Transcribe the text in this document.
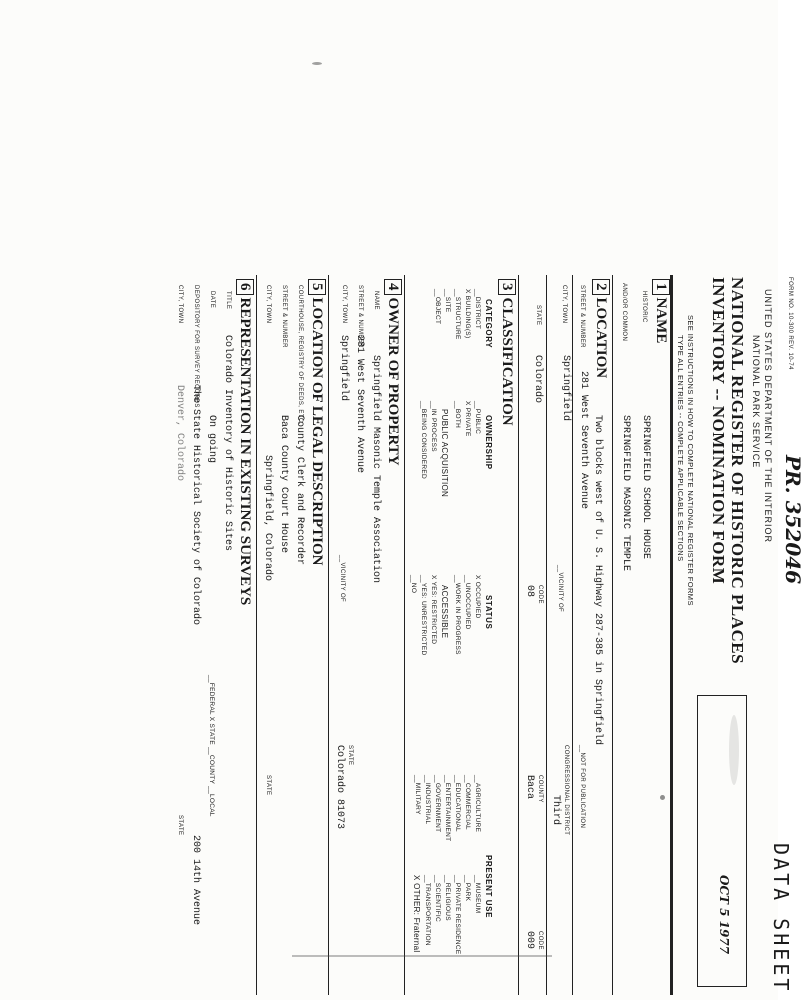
FORM NO. 10-300 REV. 10-74
PR. 352046
UNITED STATES DEPARTMENT OF THE INTERIOR
NATIONAL PARK SERVICE
NATIONAL REGISTER OF HISTORIC PLACES
INVENTORY -- NOMINATION FORM
DATA SHEET
OCT 5 1977
SEE INSTRUCTIONS IN HOW TO COMPLETE NATIONAL REGISTER FORMS
TYPE ALL ENTRIES -- COMPLETE APPLICABLE SECTIONS
1NAME
HISTORIC
SPRINGFIELD SCHOOL HOUSE
AND/OR COMMON
SPRINGFIELD MASONIC TEMPLE
2LOCATION
Two blocks west of U. S. Highway 287-385 in Springfield
STREET & NUMBER
281 West Seventh Avenue
__NOT FOR PUBLICATION
CITY, TOWN
Springfield
__VICINITY OF
CONGRESSIONAL DISTRICT
Third
STATE
Colorado
CODE
08
COUNTY
Baca
CODE
009
3CLASSIFICATION
CATEGORY
OWNERSHIP
STATUS
PRESENT USE
__DISTRICT
X BUILDING(S)
__STRUCTURE
__SITE
__OBJECT
__PUBLIC
X PRIVATE
__BOTH
PUBLIC ACQUISITION
__IN PROCESS
__BEING CONSIDERED
X OCCUPIED
__UNOCCUPIED
__WORK IN PROGRESS
ACCESSIBLE
X YES: RESTRICTED
__YES: UNRESTRICTED
__NO
__AGRICULTURE
__COMMERCIAL
__EDUCATIONAL
__ENTERTAINMENT
__GOVERNMENT
__INDUSTRIAL
__MILITARY
__MUSEUM
__PARK
__PRIVATE RESIDENCE
__RELIGIOUS
__SCIENTIFIC
__TRANSPORTATION
X OTHER: Fraternal
4OWNER OF PROPERTY
NAME
Springfield Masonic Temple Association
STREET & NUMBER
281 West Seventh Avenue
CITY, TOWN
Springfield
__VICINITY OF
STATE
Colorado 81073
5LOCATION OF LEGAL DESCRIPTION
COURTHOUSE, REGISTRY OF DEEDS, ETC.
County Clerk and Recorder
STREET & NUMBER
Baca County Court House
CITY, TOWN
Springfield, Colorado
STATE
6REPRESENTATION IN EXISTING SURVEYS
TITLE
Colorado Inventory of Historic Sites
DATE
On going
__FEDERAL X STATE __COUNTY __LOCAL
DEPOSITORY FOR SURVEY RECORDS
The State Historical Society of Colorado
200 14th Avenue
CITY, TOWN
Denver, Colorado
STATE
